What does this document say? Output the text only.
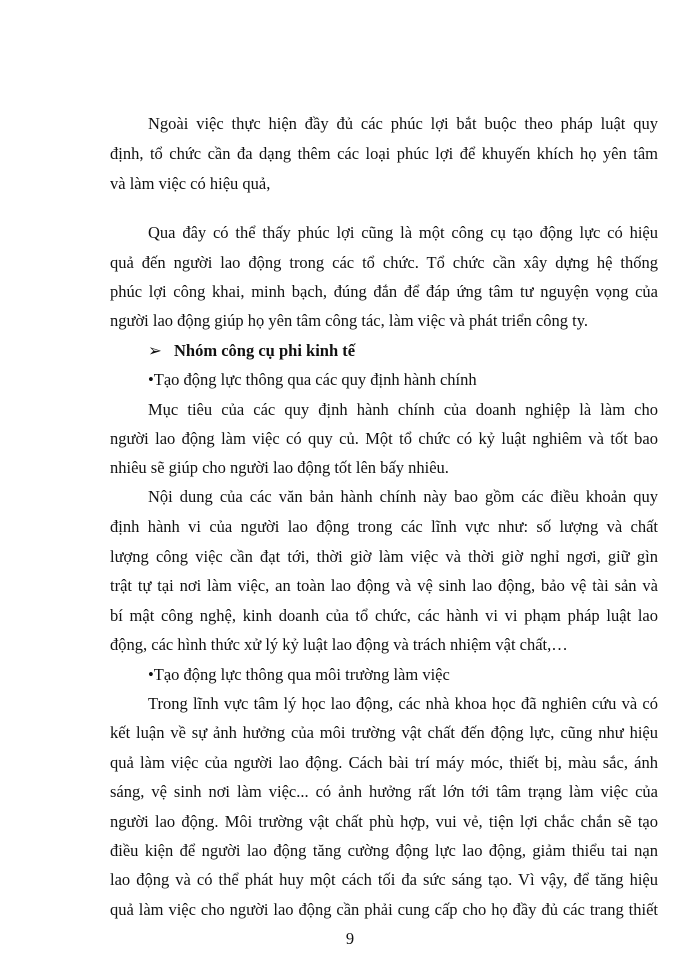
Ngoài việc thực hiện đầy đủ các phúc lợi bắt buộc theo pháp luật quy
định, tổ chức cần đa dạng thêm các loại phúc lợi để khuyến khích họ yên tâm
và làm việc có hiệu quả,
Qua đây có thể thấy phúc lợi cũng là một công cụ tạo động lực có hiệu
quả đến người lao động trong các tổ chức. Tổ chức cần xây dựng hệ thống
phúc lợi công khai, minh bạch, đúng đắn để đáp ứng tâm tư nguyện vọng của
người lao động giúp họ yên tâm công tác, làm việc và phát triển công ty.
➢ Nhóm công cụ phi kinh tế
•Tạo động lực thông qua các quy định hành chính
Mục tiêu của các quy định hành chính của doanh nghiệp là làm cho
người lao động làm việc có quy củ. Một tổ chức có kỷ luật nghiêm và tốt bao
nhiêu sẽ giúp cho người lao động tốt lên bấy nhiêu.
Nội dung của các văn bản hành chính này bao gồm các điều khoản quy
định hành vi của người lao động trong các lĩnh vực như: số lượng và chất
lượng công việc cần đạt tới, thời giờ làm việc và thời giờ nghỉ ngơi, giữ gìn
trật tự tại nơi làm việc, an toàn lao động và vệ sinh lao động, bảo vệ tài sản và
bí mật công nghệ, kinh doanh của tổ chức, các hành vi vi phạm pháp luật lao
động, các hình thức xử lý kỷ luật lao động và trách nhiệm vật chất,…
•Tạo động lực thông qua môi trường làm việc
Trong lĩnh vực tâm lý học lao động, các nhà khoa học đã nghiên cứu và có
kết luận về sự ảnh hưởng của môi trường vật chất đến động lực, cũng như hiệu
quả làm việc của người lao động. Cách bài trí máy móc, thiết bị, màu sắc, ánh
sáng, vệ sinh nơi làm việc... có ảnh hưởng rất lớn tới tâm trạng làm việc của
người lao động. Môi trường vật chất phù hợp, vui vẻ, tiện lợi chắc chắn sẽ tạo
điều kiện để người lao động tăng cường động lực lao động, giảm thiểu tai nạn
lao động và có thể phát huy một cách tối đa sức sáng tạo. Vì vậy, để tăng hiệu
quả làm việc cho người lao động cần phải cung cấp cho họ đầy đủ các trang thiết
9
